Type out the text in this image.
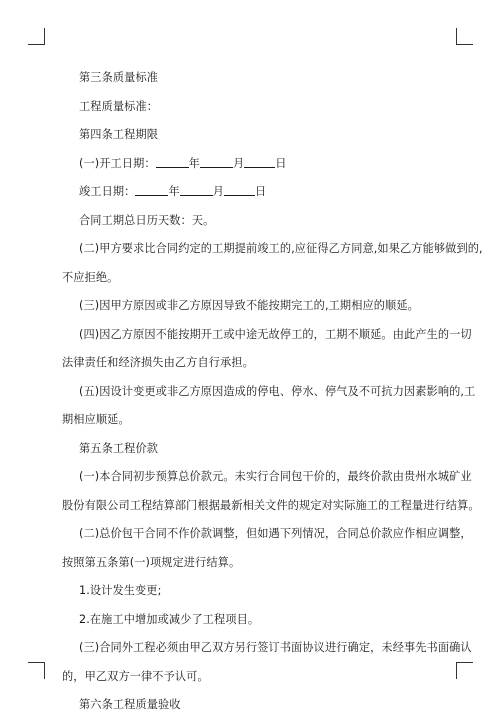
第三条质量标准

工程质量标准：

第四条工程期限

(一)开工日期：	年	月	日

竣工日期：	年	月	日

合同工期总日历天数：天。

(二)甲方要求比合同约定的工期提前竣工的,应征得乙方同意,如果乙方能够做到的,

不应拒绝。

(三)因甲方原因或非乙方原因导致不能按期完工的,工期相应的顺延。

(四)因乙方原因不能按期开工或中途无故停工的，工期不顺延。由此产生的一切

法律责任和经济损失由乙方自行承担。

(五)因设计变更或非乙方原因造成的停电、停水、停气及不可抗力因素影响的,工

期相应顺延。

第五条工程价款

(一)本合同初步预算总价款元。未实行合同包干价的，最终价款由贵州水城矿业

股份有限公司工程结算部门根据最新相关文件的规定对实际施工的工程量进行结算。

(二)总价包干合同不作价款调整，但如遇下列情况，合同总价款应作相应调整，

按照第五条第(一)项规定进行结算。

1.设计发生变更;

2.在施工中增加或减少了工程项目。

(三)合同外工程必须由甲乙双方另行签订书面协议进行确定，未经事先书面确认

的，甲乙双方一律不予认可。

第六条工程质量验收
